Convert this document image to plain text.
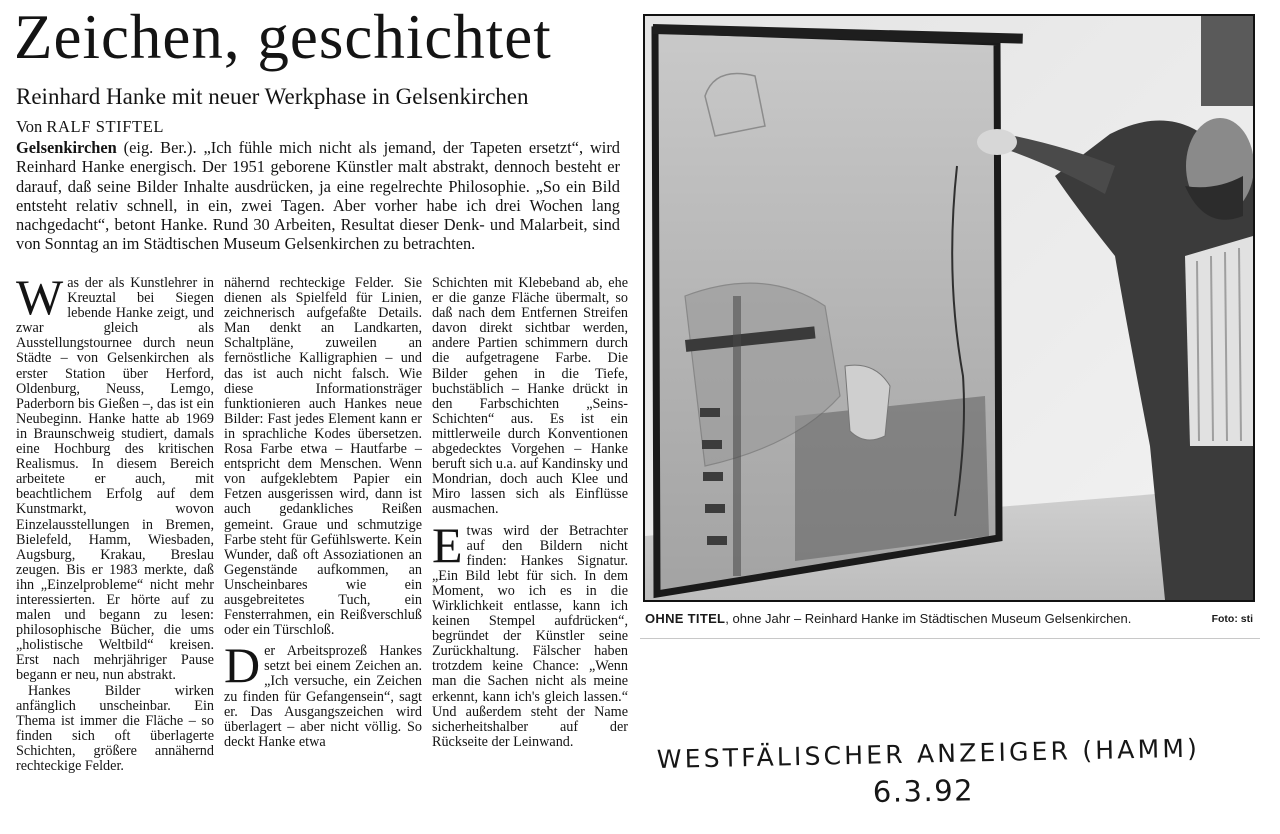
Zeichen, geschichtet
Reinhard Hanke mit neuer Werkphase in Gelsenkirchen
Von RALF STIFTEL

Gelsenkirchen (eig. Ber.). „Ich fühle mich nicht als jemand, der Tapeten ersetzt“, wird Reinhard Hanke energisch. Der 1951 geborene Künstler malt abstrakt, dennoch besteht er darauf, daß seine Bilder Inhalte ausdrücken, ja eine regelrechte Philosophie. „So ein Bild entsteht relativ schnell, in ein, zwei Tagen. Aber vorher habe ich drei Wochen lang nachgedacht“, betont Hanke. Rund 30 Arbeiten, Resultat dieser Denk- und Malarbeit, sind von Sonntag an im Städtischen Museum Gelsenkirchen zu betrachten.

Was der als Kunstlehrer in Kreuztal bei Siegen lebende Hanke zeigt, und zwar gleich als Ausstellungstournee durch neun Städte – von Gelsenkirchen als erster Station über Herford, Oldenburg, Neuss, Lemgo, Paderborn bis Gießen –, das ist ein Neubeginn. Hanke hatte ab 1969 in Braunschweig studiert, damals eine Hochburg des kritischen Realismus. In diesem Bereich arbeitete er auch, mit beachtlichem Erfolg auf dem Kunstmarkt, wovon Einzelausstellungen in Bremen, Bielefeld, Hamm, Wiesbaden, Augsburg, Krakau, Breslau zeugen. Bis er 1983 merkte, daß ihn „Einzelprobleme“ nicht mehr interessierten. Er hörte auf zu malen und begann zu lesen: philosophische Bücher, die ums „holistische Weltbild“ kreisen. Erst nach mehrjähriger Pause begann er neu, nun abstrakt.

Hankes Bilder wirken anfänglich unscheinbar. Ein Thema ist immer die Fläche – so finden sich oft überlagerte Schichten, größere annähernd rechteckige Felder.

nähernd rechteckige Felder. Sie dienen als Spielfeld für Linien, zeichnerisch aufgefaßte Details. Man denkt an Landkarten, Schaltpläne, zuweilen an fernöstliche Kalligraphien – und das ist auch nicht falsch. Wie diese Informationsträger funktionieren auch Hankes neue Bilder: Fast jedes Element kann er in sprachliche Kodes übersetzen. Rosa Farbe etwa – Hautfarbe – entspricht dem Menschen. Wenn von aufgeklebtem Papier ein Fetzen ausgerissen wird, dann ist auch gedankliches Reißen gemeint. Graue und schmutzige Farbe steht für Gefühlswerte. Kein Wunder, daß oft Assoziationen an Gegenstände aufkommen, an Unscheinbares wie ein ausgebreitetes Tuch, ein Fensterrahmen, ein Reißverschluß oder ein Türschloß.

Der Arbeitsprozeß Hankes setzt bei einem Zeichen an. „Ich versuche, ein Zeichen zu finden für Gefangensein“, sagt er. Das Ausgangszeichen wird überlagert – aber nicht völlig. So deckt Hanke etwa

Schichten mit Klebeband ab, ehe er die ganze Fläche übermalt, so daß nach dem Entfernen Streifen davon direkt sichtbar werden, andere Partien schimmern durch die aufgetragene Farbe. Die Bilder gehen in die Tiefe, buchstäblich – Hanke drückt in den Farbschichten „Seins-Schichten“ aus. Es ist ein mittlerweile durch Konventionen abgedecktes Vorgehen – Hanke beruft sich u.a. auf Kandinsky und Mondrian, doch auch Klee und Miro lassen sich als Einflüsse ausmachen.

Etwas wird der Betrachter auf den Bildern nicht finden: Hankes Signatur. „Ein Bild lebt für sich. In dem Moment, wo ich es in die Wirklichkeit entlasse, kann ich keinen Stempel aufdrücken“, begründet der Künstler seine Zurückhaltung. Fälscher haben trotzdem keine Chance: „Wenn man die Sachen nicht als meine erkennt, kann ich's gleich lassen.“ Und außerdem steht der Name sicherheitshalber auf der Rückseite der Leinwand.

OHNE TITEL, ohne Jahr – Reinhard Hanke im Städtischen Museum Gelsenkirchen.	Foto: sti
WESTFÄLISCHER ANZEIGER (HAMM)
6.3.92
